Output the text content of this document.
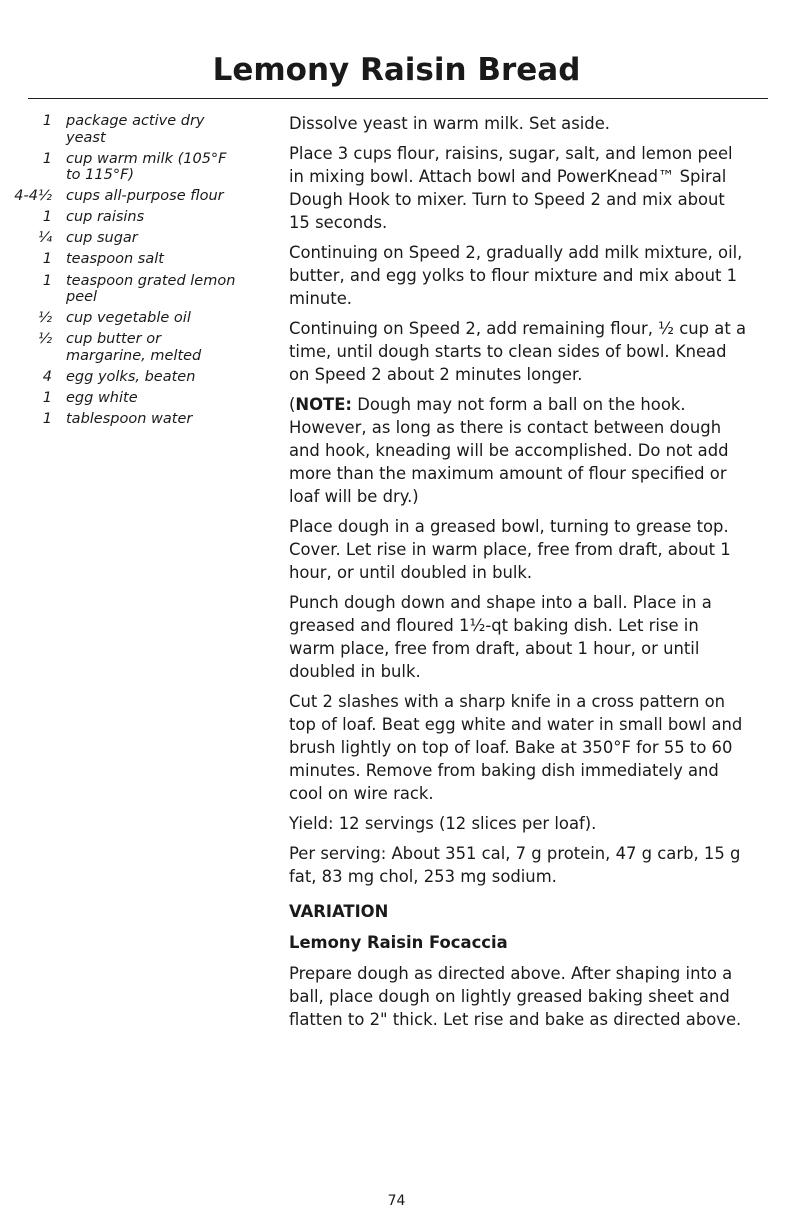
Lemony Raisin Bread
1 package active dry yeast
1 cup warm milk (105°F to 115°F)
4-4½ cups all-purpose flour
1 cup raisins
¼ cup sugar
1 teaspoon salt
1 teaspoon grated lemon peel
½ cup vegetable oil
½ cup butter or margarine, melted
4 egg yolks, beaten
1 egg white
1 tablespoon water

Dissolve yeast in warm milk. Set aside.

Place 3 cups flour, raisins, sugar, salt, and lemon peel in mixing bowl. Attach bowl and PowerKnead™ Spiral Dough Hook to mixer. Turn to Speed 2 and mix about 15 seconds.

Continuing on Speed 2, gradually add milk mixture, oil, butter, and egg yolks to flour mixture and mix about 1 minute.

Continuing on Speed 2, add remaining flour, ½ cup at a time, until dough starts to clean sides of bowl. Knead on Speed 2 about 2 minutes longer.

(NOTE: Dough may not form a ball on the hook. However, as long as there is contact between dough and hook, kneading will be accomplished. Do not add more than the maximum amount of flour specified or loaf will be dry.)

Place dough in a greased bowl, turning to grease top. Cover. Let rise in warm place, free from draft, about 1 hour, or until doubled in bulk.

Punch dough down and shape into a ball. Place in a greased and floured 1½-qt baking dish. Let rise in warm place, free from draft, about 1 hour, or until doubled in bulk.

Cut 2 slashes with a sharp knife in a cross pattern on top of loaf. Beat egg white and water in small bowl and brush lightly on top of loaf. Bake at 350°F for 55 to 60 minutes. Remove from baking dish immediately and cool on wire rack.

Yield: 12 servings (12 slices per loaf).

Per serving: About 351 cal, 7 g protein, 47 g carb, 15 g fat, 83 mg chol, 253 mg sodium.

VARIATION
Lemony Raisin Focaccia

Prepare dough as directed above. After shaping into a ball, place dough on lightly greased baking sheet and flatten to 2" thick. Let rise and bake as directed above.

74
